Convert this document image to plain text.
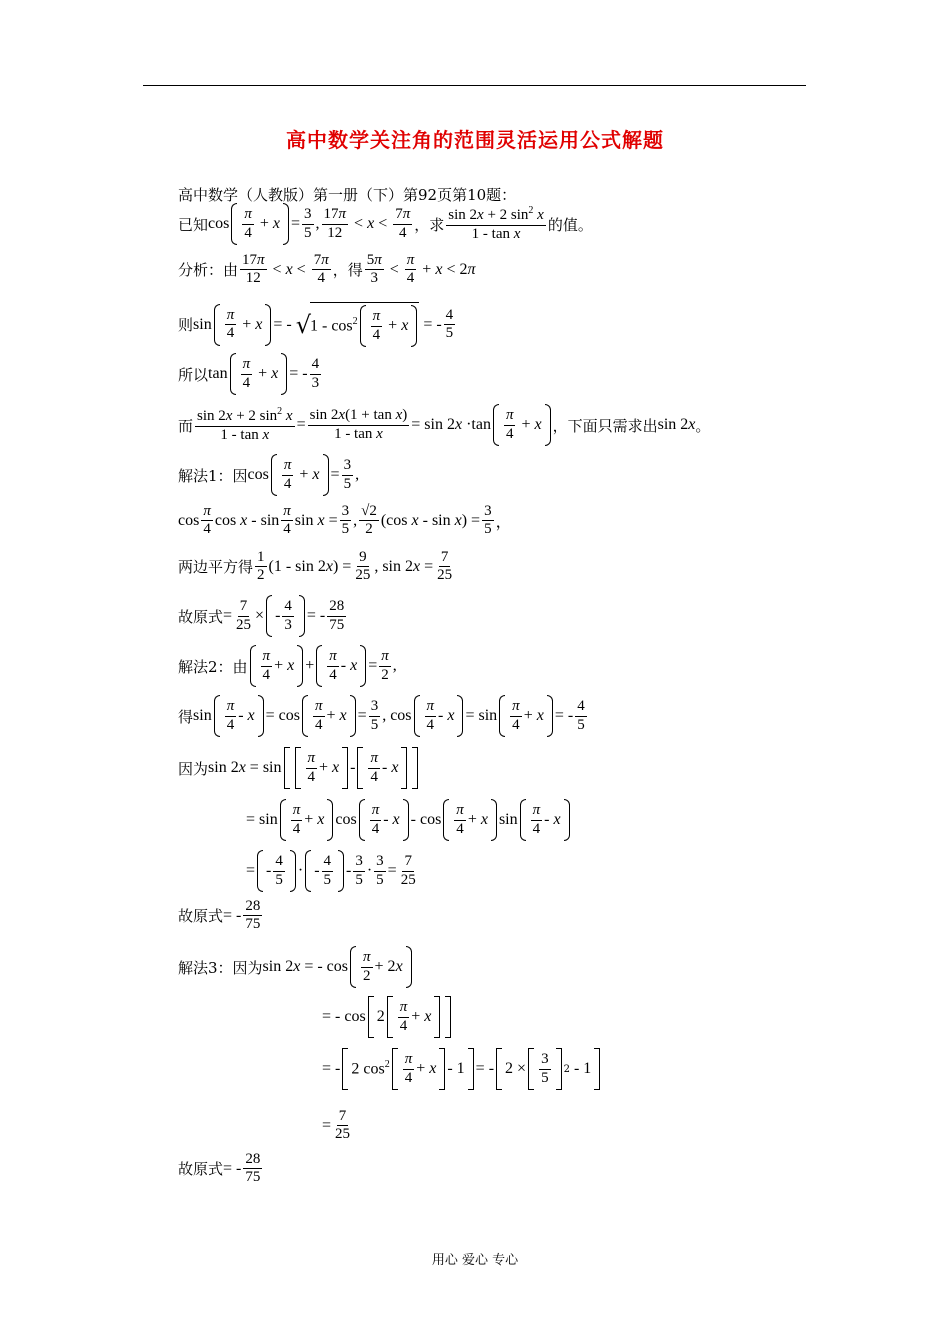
高中数学关注角的范围灵活运用公式解题
高中数学（人教版）第一册（下）第92页第10题：
已知 $\cos \frac{\pi}{4} + x = \frac{3}{5}$ , $\frac{17\pi}{12} < x < \frac{7\pi}{4}$ ，求 $\frac{\sin 2x + 2 \sin^2 x}{\text{1 - tan x}}$ 的值。
分析：由 $\frac{17\pi}{12} < x < \frac{7\pi}{4}$ ，得 $\frac{5\pi}{3} < \frac{\pi}{4} + x < 2\pi$
则 $\sin \frac{\pi}{4} + x$ = - √ $1 - \cos^2 \frac{\pi}{4} + x$ = - $\frac{4}{5}$
所以 $\tan \frac{\pi}{4} + x$ = - $\frac{4}{3}$
而 $\frac{\sin 2x + 2 \sin^2 x}{\text{1 - tan x}} = \frac{\text{sin 2x(1 + tan x)}}{\text{1 - tan x}} = \sin 2x \cdot\tan \frac{\pi}{4} + x$ ，下面只需求出 sin 2x 。
解法1：因 $\cos \frac{\pi}{4} + x = \frac{3}{5}$ ,
$\cos \frac{\pi}{4}$ cos x - $\sin \frac{\pi}{4}$ $\sin x = \frac{3}{5}$ , $\frac{√2}{2} (\cos$ $x - \sin x) = \frac{3}{5}$ ，
两边平方得 $\frac{1}{2} (1 - \sin 2x) = \frac{9}{25}$ , $\sin 2x = \frac{7}{25}$
故原式 = $\frac{7}{25}$ × - $\frac{4}{3}$ = - $\frac{28}{75}$
解法2：由 $\frac{\pi}{4} + x + \frac{\pi}{4} - x = \frac{\pi}{2}$ ,
得 $\sin \frac{\pi}{4} - x = \cos \frac{\pi}{4} + x = \frac{3}{5}$ , $\cos \frac{\pi}{4} - x = \sin \frac{\pi}{4} + x$ = - $\frac{4}{5}$
因为 $\sin 2x = \sin \frac{\pi}{4} + x - \frac{\pi}{4} - x$
= $\sin \frac{\pi}{4} + x$ $\cos \frac{\pi}{4} - x - \cos \frac{\pi}{4} + x$ $\sin \frac{\pi}{4}$ - x
= - $\frac{4}{5}$ · - $\frac{4}{5} - \frac{3}{5} \cdot \frac{3}{5} = \frac{7}{25}$
故原式 = - $\frac{28}{75}$
解法3：因为 sin 2x = - $\cos \frac{\pi}{2} + 2x$
= - $\cos 2 \frac{\pi}{4} + x$
= - 2 $\cos^2 \frac{\pi}{4} + x - 1$ = - $2 \times \frac{3}{5} 2 - 1$
= $\frac{7}{25}$
故原式 = - $\frac{28}{75}$
用心 爱心 专心
